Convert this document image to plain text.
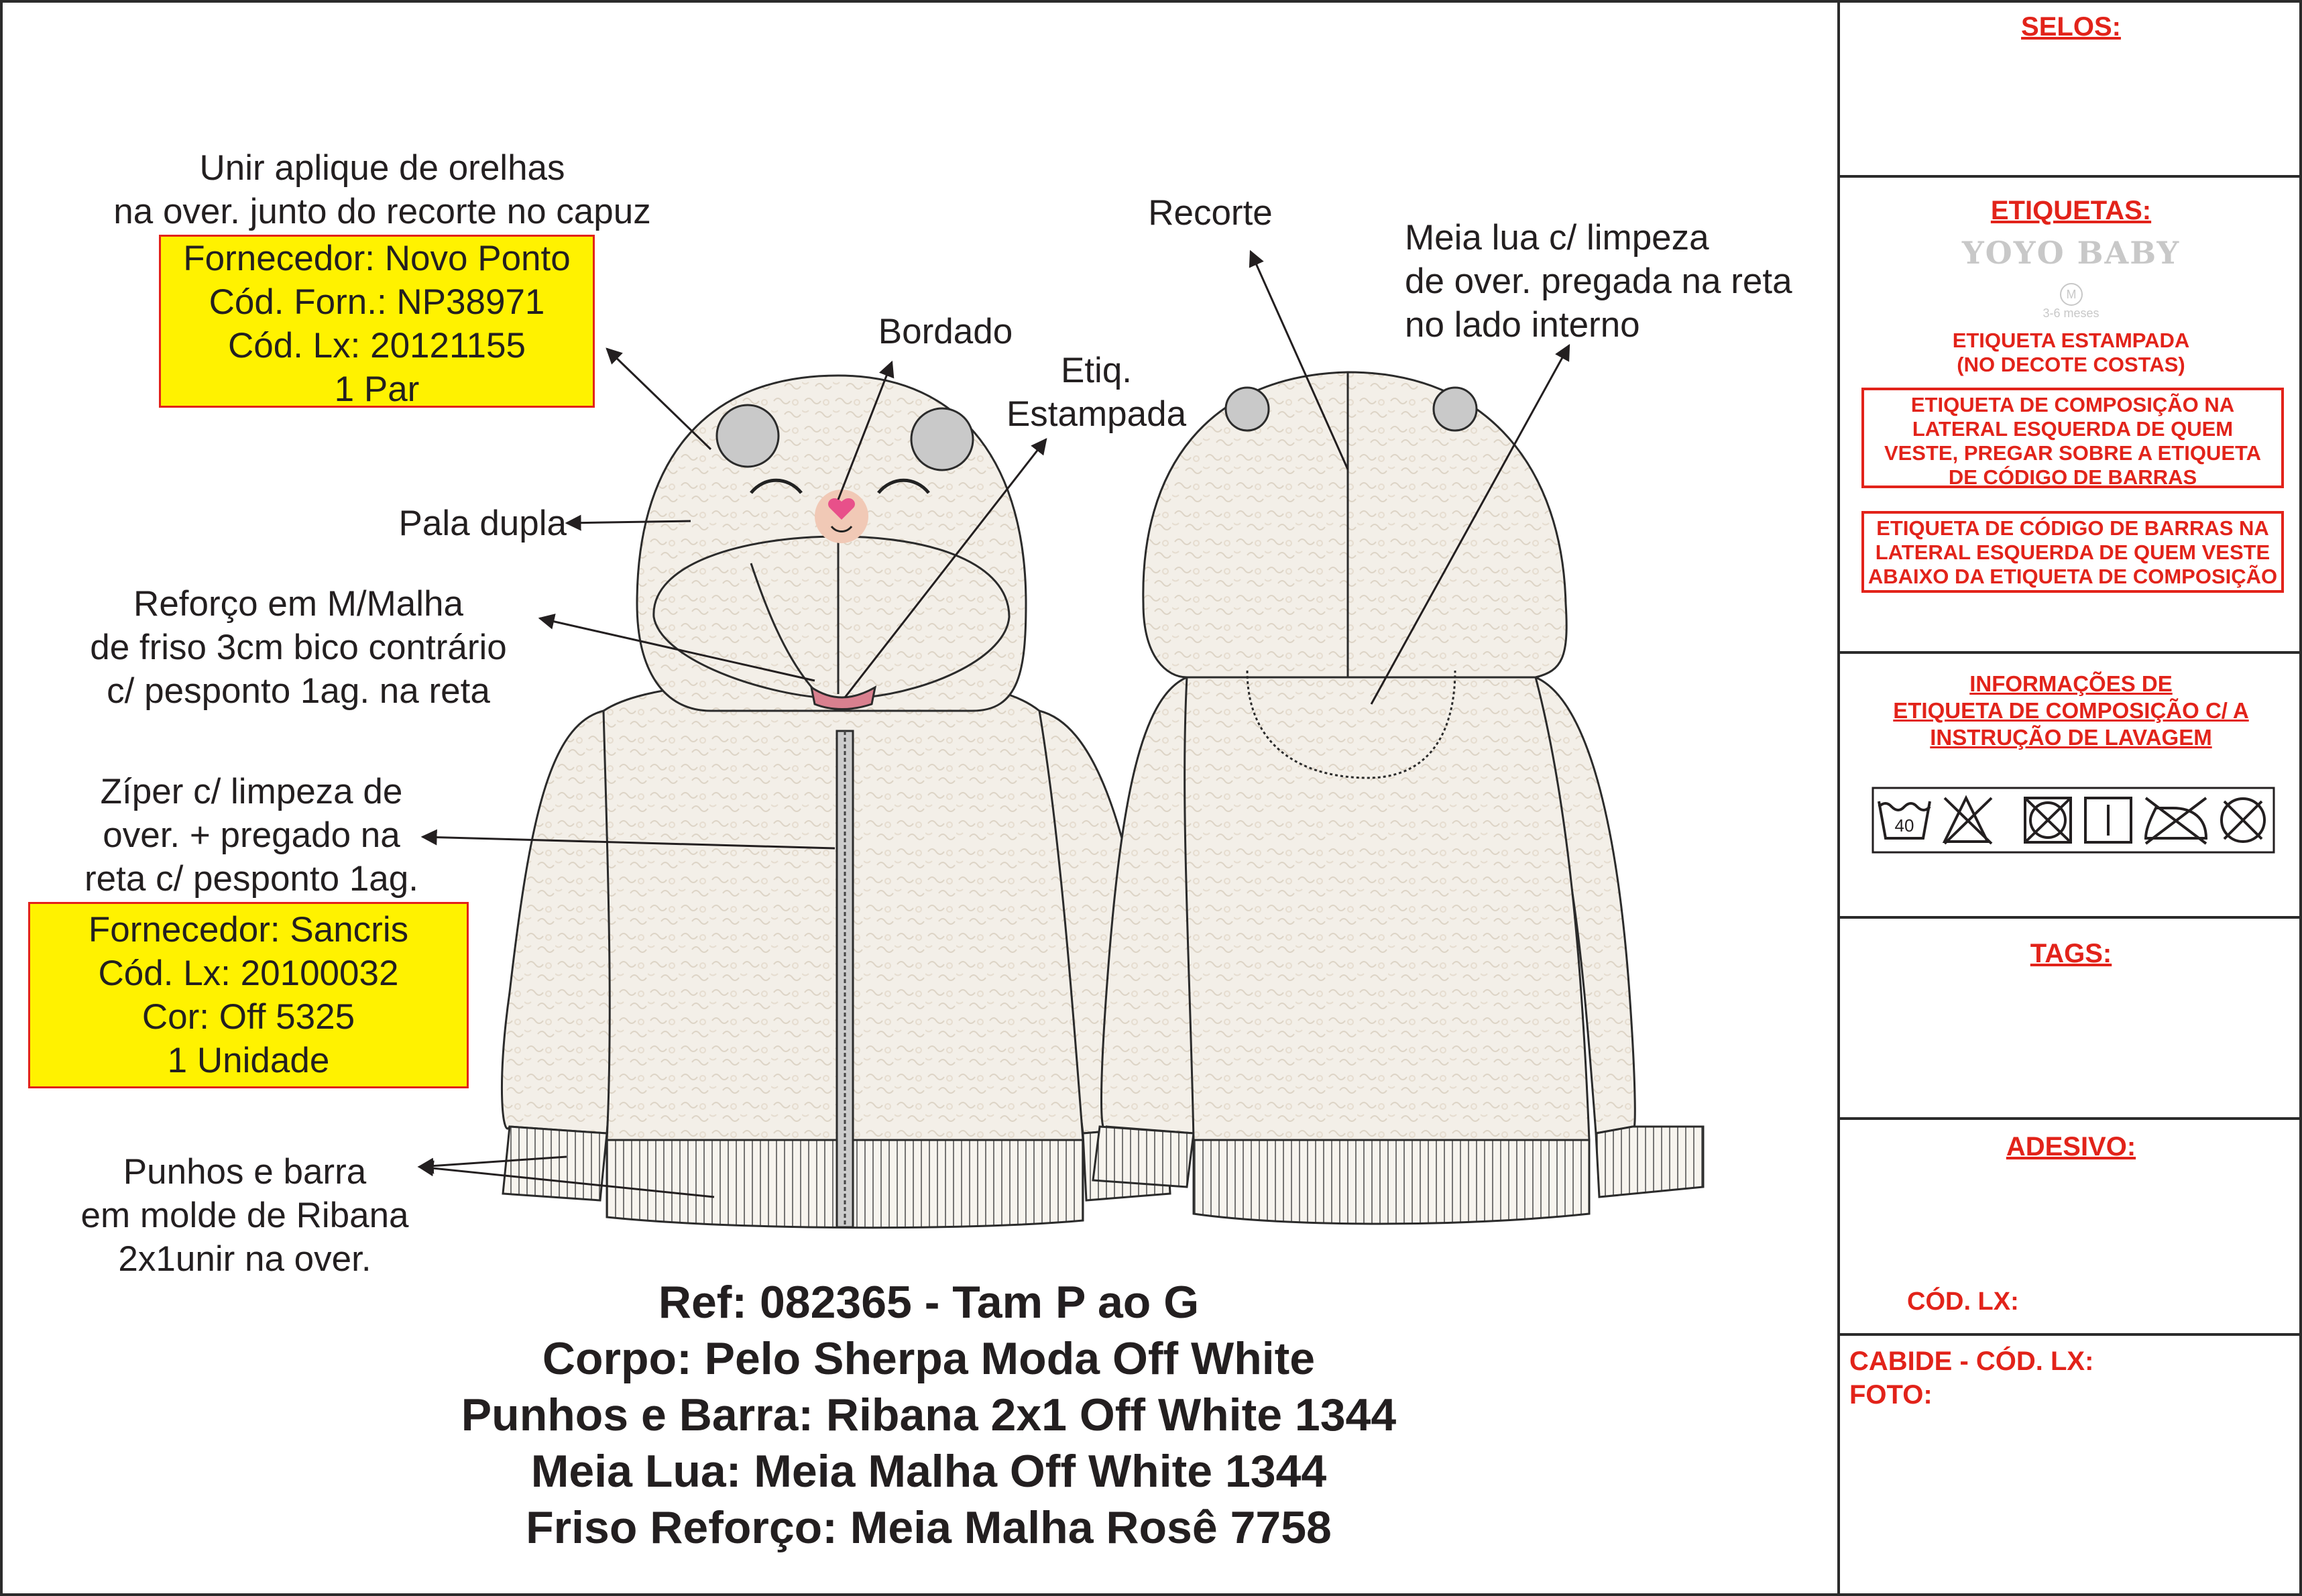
40
Unir aplique de orelhas
na over. junto do recorte no capuz
Fornecedor: Novo Ponto
Cód. Forn.: NP38971
Cód. Lx: 20121155
1 Par
Bordado
Etiq.
Estampada
Pala dupla
Reforço em M/Malha
de friso 3cm bico contrário
c/ pesponto 1ag. na reta
Zíper c/ limpeza de
over. + pregado na
reta c/ pesponto 1ag.
Fornecedor: Sancris
Cód. Lx: 20100032
Cor: Off 5325
1 Unidade
Punhos e barra
em molde de Ribana
2x1unir na over.
Recorte
Meia lua c/ limpeza
de over. pregada na reta
no lado interno
Ref: 082365 - Tam P ao G
Corpo: Pelo Sherpa Moda Off White
Punhos e Barra: Ribana 2x1 Off White 1344
Meia Lua: Meia Malha Off White 1344
Friso Reforço: Meia Malha Rosê 7758
SELOS:
ETIQUETAS:
YOYO BABY
M
3-6 meses
ETIQUETA ESTAMPADA
(NO DECOTE COSTAS)
ETIQUETA DE COMPOSIÇÃO NA
LATERAL ESQUERDA DE QUEM
VESTE, PREGAR SOBRE A ETIQUETA
DE CÓDIGO DE BARRAS
ETIQUETA DE CÓDIGO DE BARRAS NA
LATERAL ESQUERDA DE QUEM VESTE
ABAIXO DA ETIQUETA DE COMPOSIÇÃO
INFORMAÇÕES DE
ETIQUETA DE COMPOSIÇÃO C/ A
INSTRUÇÃO DE LAVAGEM
TAGS:
ADESIVO:
CÓD. LX:
CABIDE - CÓD. LX:
FOTO:
